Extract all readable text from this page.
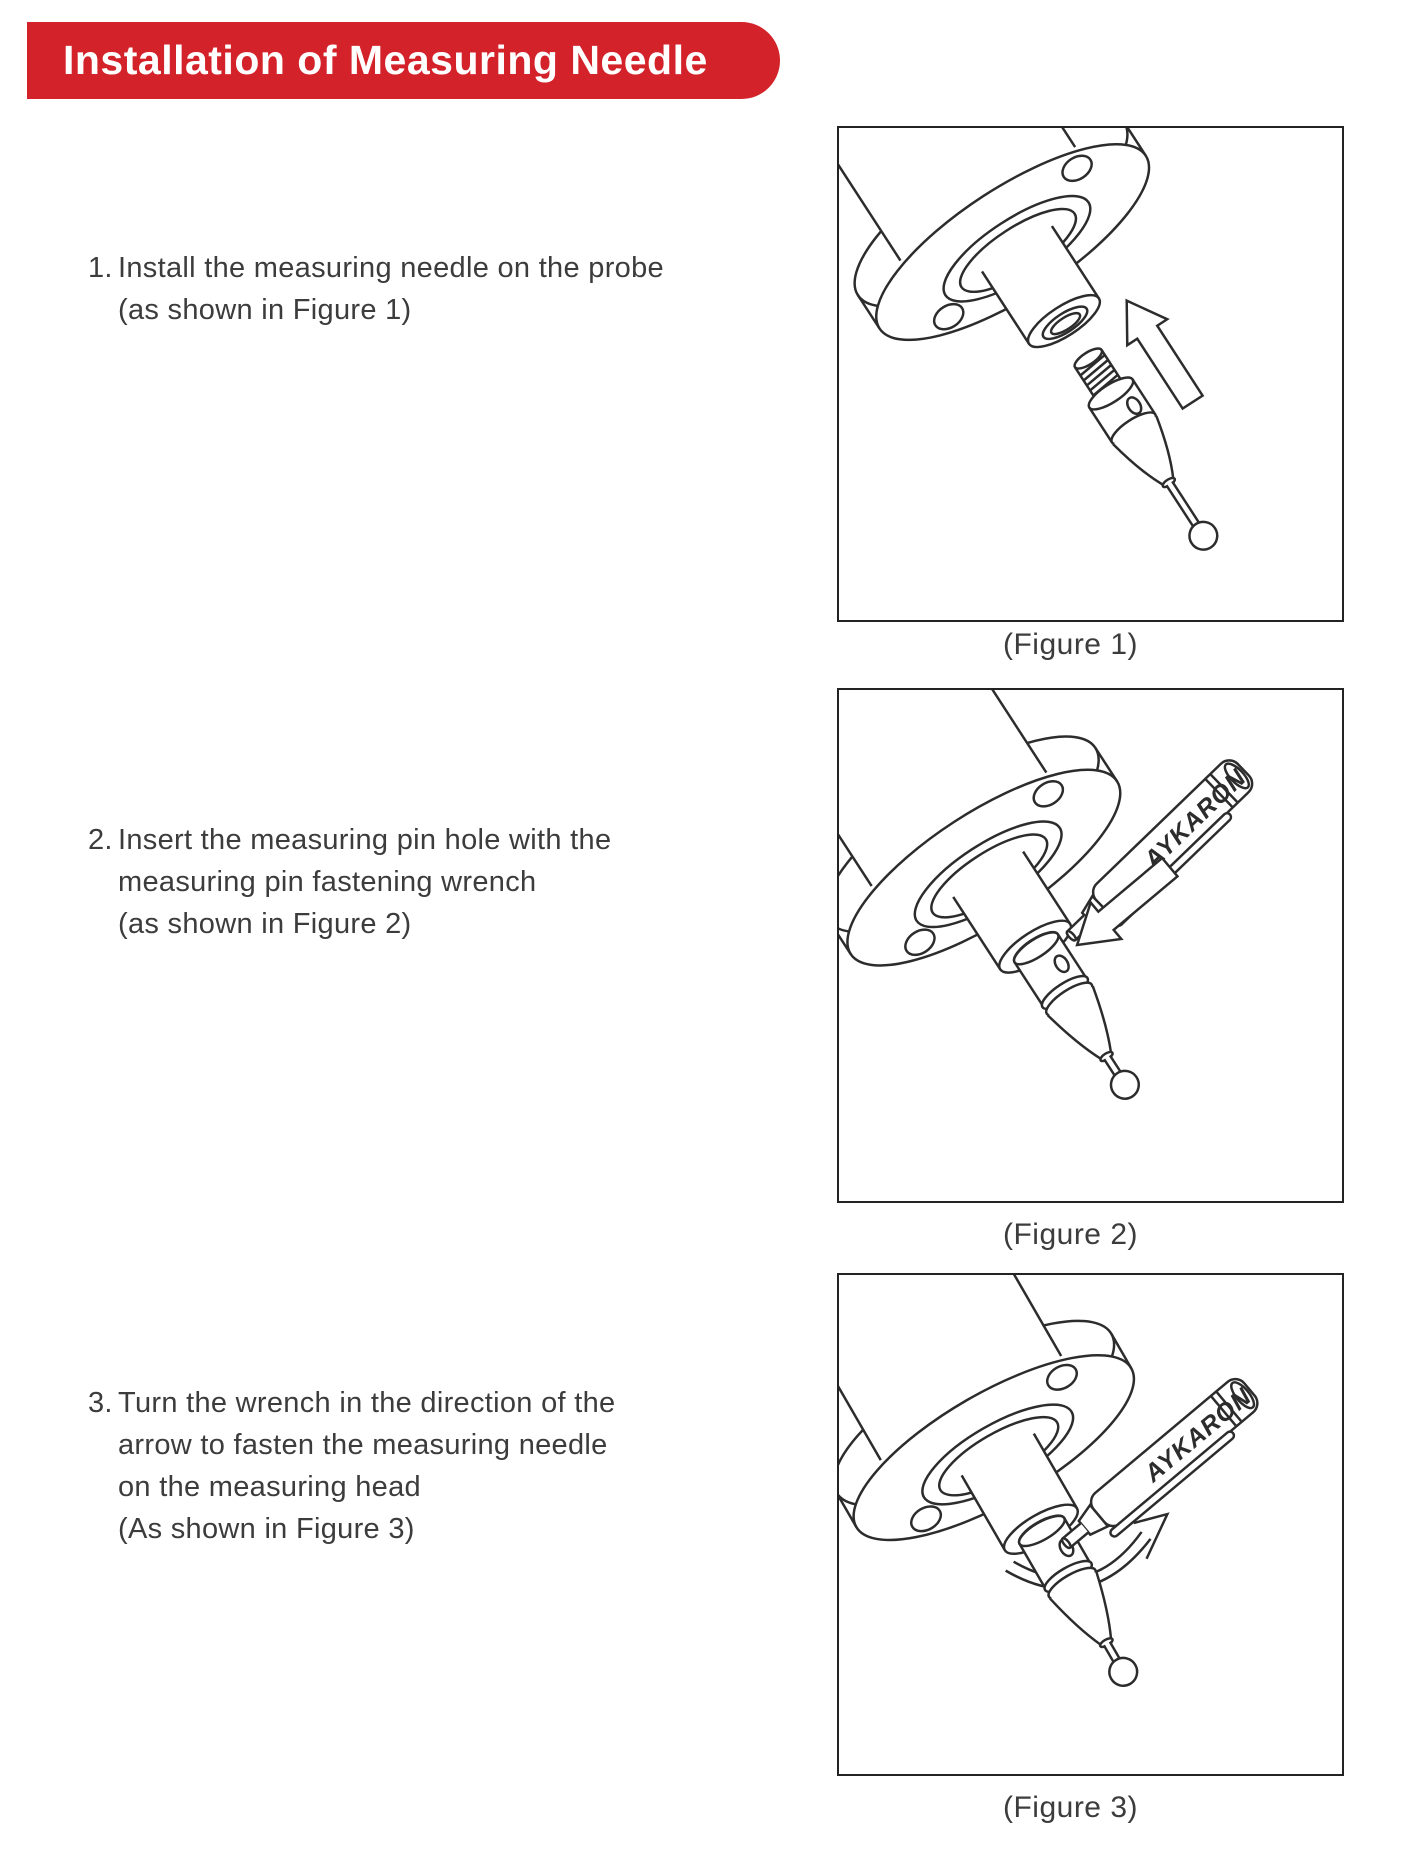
Installation of Measuring Needle
1. Install the measuring needle on the probe
(as shown in Figure 1)
2. Insert the measuring pin hole with the
measuring pin fastening wrench
(as shown in Figure 2)
3. Turn the wrench in the direction of the
arrow to fasten the measuring needle
on the measuring head
(As shown in Figure 3)
(Figure 1)
(Figure 2)
(Figure 3)
